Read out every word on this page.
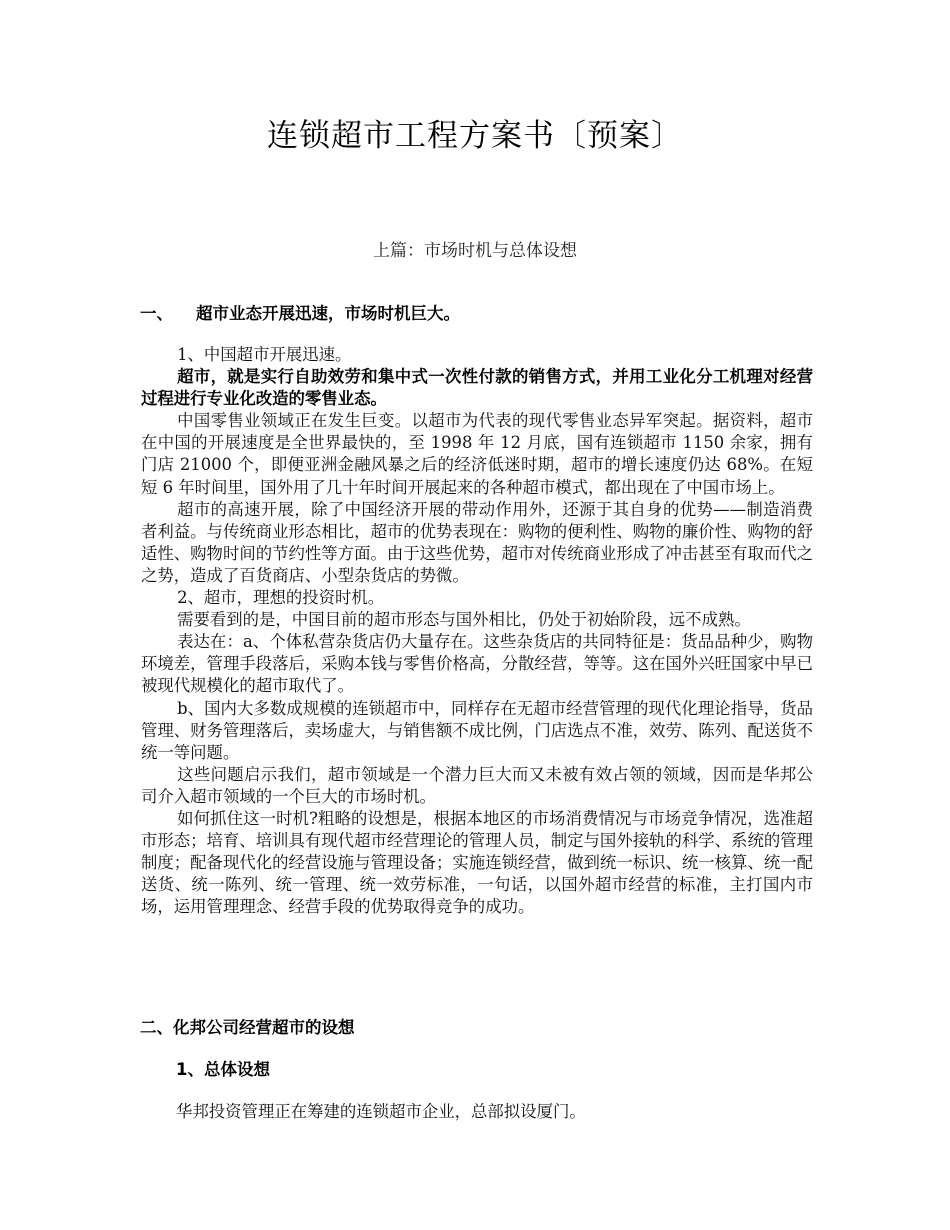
连锁超市工程方案书〔预案〕
上篇：市场时机与总体设想
一、 超市业态开展迅速，市场时机巨大。

1、中国超市开展迅速。

超市，就是实行自助效劳和集中式一次性付款的销售方式，并用工业化分工机理对经营过程进行专业化改造的零售业态。

中国零售业领域正在发生巨变。以超市为代表的现代零售业态异军突起。据资料，超市在中国的开展速度是全世界最快的，至 1998 年 12 月底，国有连锁超市 1150 余家，拥有门店 21000 个，即便亚洲金融风暴之后的经济低迷时期，超市的增长速度仍达 68%。在短短 6 年时间里，国外用了几十年时间开展起来的各种超市模式，都出现在了中国市场上。

超市的高速开展，除了中国经济开展的带动作用外，还源于其自身的优势——制造消费者利益。与传统商业形态相比，超市的优势表现在：购物的便利性、购物的廉价性、购物的舒适性、购物时间的节约性等方面。由于这些优势，超市对传统商业形成了冲击甚至有取而代之之势，造成了百货商店、小型杂货店的势微。

2、超市，理想的投资时机。

需要看到的是，中国目前的超市形态与国外相比，仍处于初始阶段，远不成熟。

表达在：a、个体私营杂货店仍大量存在。这些杂货店的共同特征是：货品品种少，购物环境差，管理手段落后，采购本钱与零售价格高，分散经营，等等。这在国外兴旺国家中早已被现代规模化的超市取代了。

b、国内大多数成规模的连锁超市中，同样存在无超市经营管理的现代化理论指导，货品管理、财务管理落后，卖场虚大，与销售额不成比例，门店选点不准，效劳、陈列、配送货不统一等问题。

这些问题启示我们，超市领域是一个潜力巨大而又未被有效占领的领域，因而是华邦公司介入超市领域的一个巨大的市场时机。

如何抓住这一时机?粗略的设想是，根据本地区的市场消费情况与市场竞争情况，选准超市形态；培育、培训具有现代超市经营理论的管理人员，制定与国外接轨的科学、系统的管理制度；配备现代化的经营设施与管理设备；实施连锁经营，做到统一标识、统一核算、统一配送货、统一陈列、统一管理、统一效劳标准，一句话，以国外超市经营的标准，主打国内市场，运用管理理念、经营手段的优势取得竞争的成功。

二、化邦公司经营超市的设想
1、总体设想
华邦投资管理正在筹建的连锁超市企业，总部拟设厦门。
